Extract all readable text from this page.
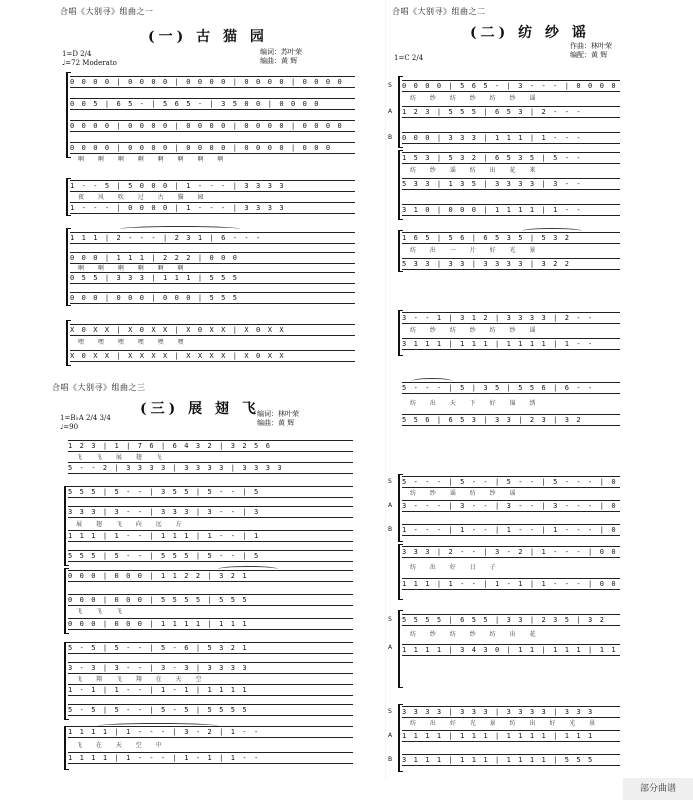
合唱《大别寻》组曲之一
(一) 古 猫 园
编词：苏叶荣
编曲：黄 辉
1=D 2/4
♩=72 Moderato
0 0 0 0 | 0 0 0 0 | 0 0 0 0 | 0 0 0 0 | 0 0 0 0
0 0 5 | 6 5 - | 5 6 5 - | 3 5 0 0 | 0 0 0 0
0 0 0 0 | 0 0 0 0 | 0 0 0 0 | 0 0 0 0 | 0 0 0 0
0 0 0 0 | 0 0 0 0 | 0 0 0 0 | 0 0 0 0 | 0 0 0
啊 啊 啊 啊 啊 啊 啊 啊
1 - - 5 | 5 0 0 0 | 1 - - - | 3 3 3 3
1 - - - | 0 0 0 0 | 1 - - - | 3 3 3 3
夜 风 吹 过 古 猫 园
1 1 1 | 2 - - - | 2 3 1 | 6 - - -
0 0 0 | 1 1 1 | 2 2 2 | 0 0 0
0 5 5 | 3 3 3 | 1 1 1 | 5 5 5
0 0 0 | 0 0 0 | 0 0 0 | 5 5 5
啊 啊 啊 啊 啊 啊
X 0 X X | X 0 X X | X 0 X X | X 0 X X
X 0 X X | X X X X | X X X X | X 0 X X
嘿 嘿 嘿 嘿 嘿 嘿
合唱《大别寻》组曲之三
(三) 展 翅 飞
编词：林叶荣
编曲：黄 辉
1=B♭A 2/4 3/4
♩=90
1 2 3 | 1 | 7 6 | 6 4 3 2 | 3 2 5 6
5 - - 2 | 3 3 3 3 | 3 3 3 3 | 3 3 3 3
飞 飞 展 翅 飞
5 5 5 | 5 - - | 3 5 5 | 5 - - | 5
3 3 3 | 3 - - | 3 3 3 | 3 - - | 3
1 1 1 | 1 - - | 1 1 1 | 1 - - | 1
5 5 5 | 5 - - | 5 5 5 | 5 - - | 5
展 翅 飞 向 远 方
0 0 0 | 0 0 0 | 1 1 2 2 | 3 2 1
0 0 0 | 0 0 0 | 5 5 5 5 | 5 5 5
0 0 0 | 0 0 0 | 1 1 1 1 | 1 1 1
飞 飞 飞
5 - 5 | 5 - - | 5 - 6 | 5 3 2 1
3 - 3 | 3 - - | 3 - 3 | 3 3 3 3
1 - 1 | 1 - - | 1 - 1 | 1 1 1 1
5 - 5 | 5 - - | 5 - 5 | 5 5 5 5
飞 翔 飞 翔 在 天 空
1 1 1 1 | 1 - - - | 3 - 2 | 1 - -
1 1 1 1 | 1 - - - | 1 - 1 | 1 - -
飞 在 天 空 中
合唱《大别寻》组曲之二
(二) 纺 纱 谣
作曲：林叶荣
编配：黄 辉
1=C 2/4
S
A
B
0 0 0 0 | 5 6 5 - | 3 - - - | 0 0 0 0
1 2 3 | 5 5 5 | 6 5 3 | 2 - - -
0 0 0 | 3 3 3 | 1 1 1 | 1 - - -
纺 纱 纺 纱 纺 纱 谣
1 5 3 | 5 3 2 | 6 5 3 5 | 5 - -
5 3 3 | 1 3 5 | 3 3 3 3 | 3 - -
3 1 0 | 0 0 0 | 1 1 1 1 | 1 - -
纺 纱 谣 纺 出 花 来
1 6 5 | 5 6 | 6 5 3 5 | 5 3 2
5 3 3 | 3 3 | 3 3 3 3 | 3 2 2
纺 出 一 片 好 光 景
3 - - 1 | 3 1 2 | 3 3 3 3 | 2 - -
3 1 1 1 | 1 1 1 | 1 1 1 1 | 1 - -
纺 纱 纺 纱 纺 纱 谣
5 - - - | 5 | 3 5 | 5 5 6 | 6 - -
5 5 6 | 6 5 3 | 3 3 | 2 3 | 3 2
纺 出 天 下 好 锦 绣
S
A
B
5 - - - | 5 - - | 5 - - | 5 - - - | 0
3 - - - | 3 - - | 3 - - | 3 - - - | 0
1 - - - | 1 - - | 1 - - | 1 - - - | 0
纺 纱 谣 纺 纱 谣
3 3 3 | 2 - - | 3 - 2 | 1 - - - | 0 0
1 1 1 | 1 - - | 1 - 1 | 1 - - - | 0 0
纺 出 好 日 子
S
A
5 5 5 5 | 6 5 5 | 3 3 | 2 3 5 | 3 2
1 1 1 1 | 3 4 3 0 | 1 1 | 1 1 1 | 1 1
纺 纱 纺 纱 纺 出 花
S
A
B
3 3 3 3 | 3 3 3 | 3 3 3 3 | 3 3 3
1 1 1 1 | 1 1 1 | 1 1 1 1 | 1 1 1
3 1 1 1 | 1 1 1 | 1 1 1 1 | 5 5 5
纺 出 好 光 景 纺 出 好 光 景
部分曲谱
